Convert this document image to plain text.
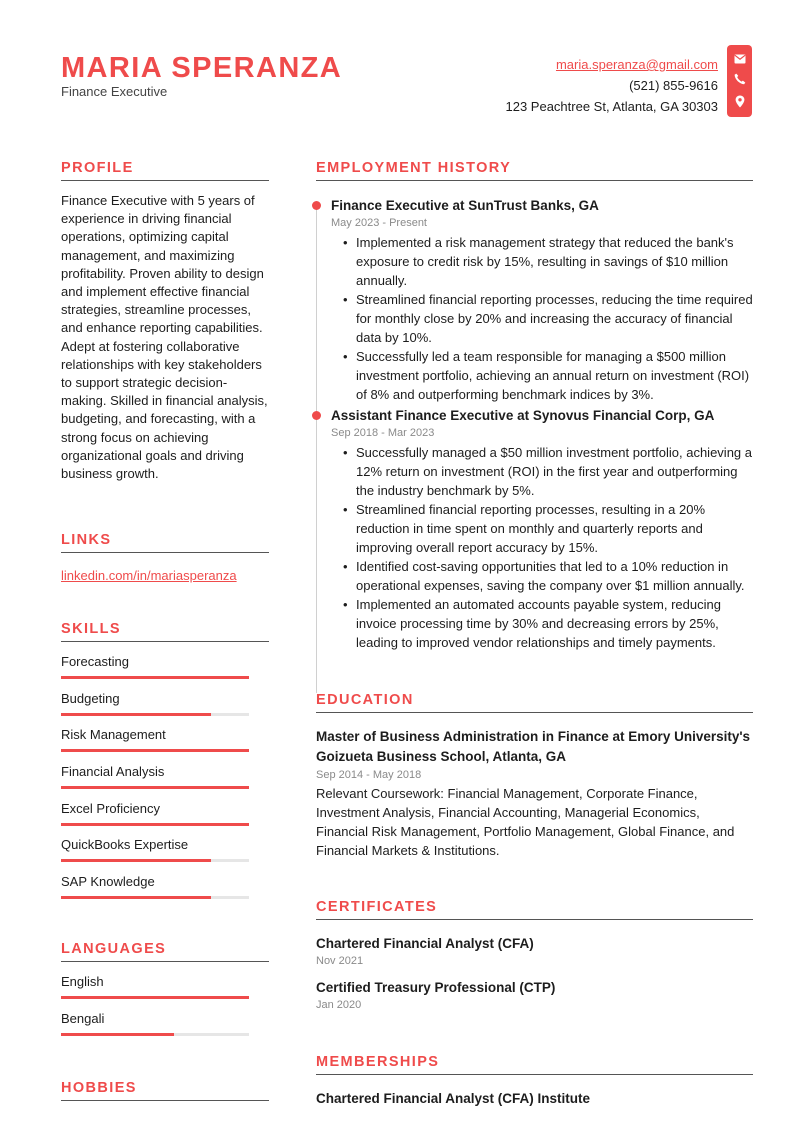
MARIA SPERANZA
Finance Executive
maria.speranza@gmail.com
(521) 855-9616
123 Peachtree St, Atlanta, GA 30303
PROFILE
Finance Executive with 5 years of experience in driving financial operations, optimizing capital management, and maximizing profitability. Proven ability to design and implement effective financial strategies, streamline processes, and enhance reporting capabilities. Adept at fostering collaborative relationships with key stakeholders to support strategic decision-making. Skilled in financial analysis, budgeting, and forecasting, with a strong focus on achieving organizational goals and driving business growth.
LINKS
linkedin.com/in/mariasperanza
SKILLS
Forecasting
Budgeting
Risk Management
Financial Analysis
Excel Proficiency
QuickBooks Expertise
SAP Knowledge
LANGUAGES
English
Bengali
HOBBIES
EMPLOYMENT HISTORY
Finance Executive at SunTrust Banks, GA
May 2023 - Present
• Implemented a risk management strategy that reduced the bank's exposure to credit risk by 15%, resulting in savings of $10 million annually.
• Streamlined financial reporting processes, reducing the time required for monthly close by 20% and increasing the accuracy of financial data by 10%.
• Successfully led a team responsible for managing a $500 million investment portfolio, achieving an annual return on investment (ROI) of 8% and outperforming benchmark indices by 3%.
Assistant Finance Executive at Synovus Financial Corp, GA
Sep 2018 - Mar 2023
• Successfully managed a $50 million investment portfolio, achieving a 12% return on investment (ROI) in the first year and outperforming the industry benchmark by 5%.
• Streamlined financial reporting processes, resulting in a 20% reduction in time spent on monthly and quarterly reports and improving overall report accuracy by 15%.
• Identified cost-saving opportunities that led to a 10% reduction in operational expenses, saving the company over $1 million annually.
• Implemented an automated accounts payable system, reducing invoice processing time by 30% and decreasing errors by 25%, leading to improved vendor relationships and timely payments.
EDUCATION
Master of Business Administration in Finance at Emory University's Goizueta Business School, Atlanta, GA
Sep 2014 - May 2018
Relevant Coursework: Financial Management, Corporate Finance, Investment Analysis, Financial Accounting, Managerial Economics, Financial Risk Management, Portfolio Management, Global Finance, and Financial Markets & Institutions.
CERTIFICATES
Chartered Financial Analyst (CFA)
Nov 2021
Certified Treasury Professional (CTP)
Jan 2020
MEMBERSHIPS
Chartered Financial Analyst (CFA) Institute
